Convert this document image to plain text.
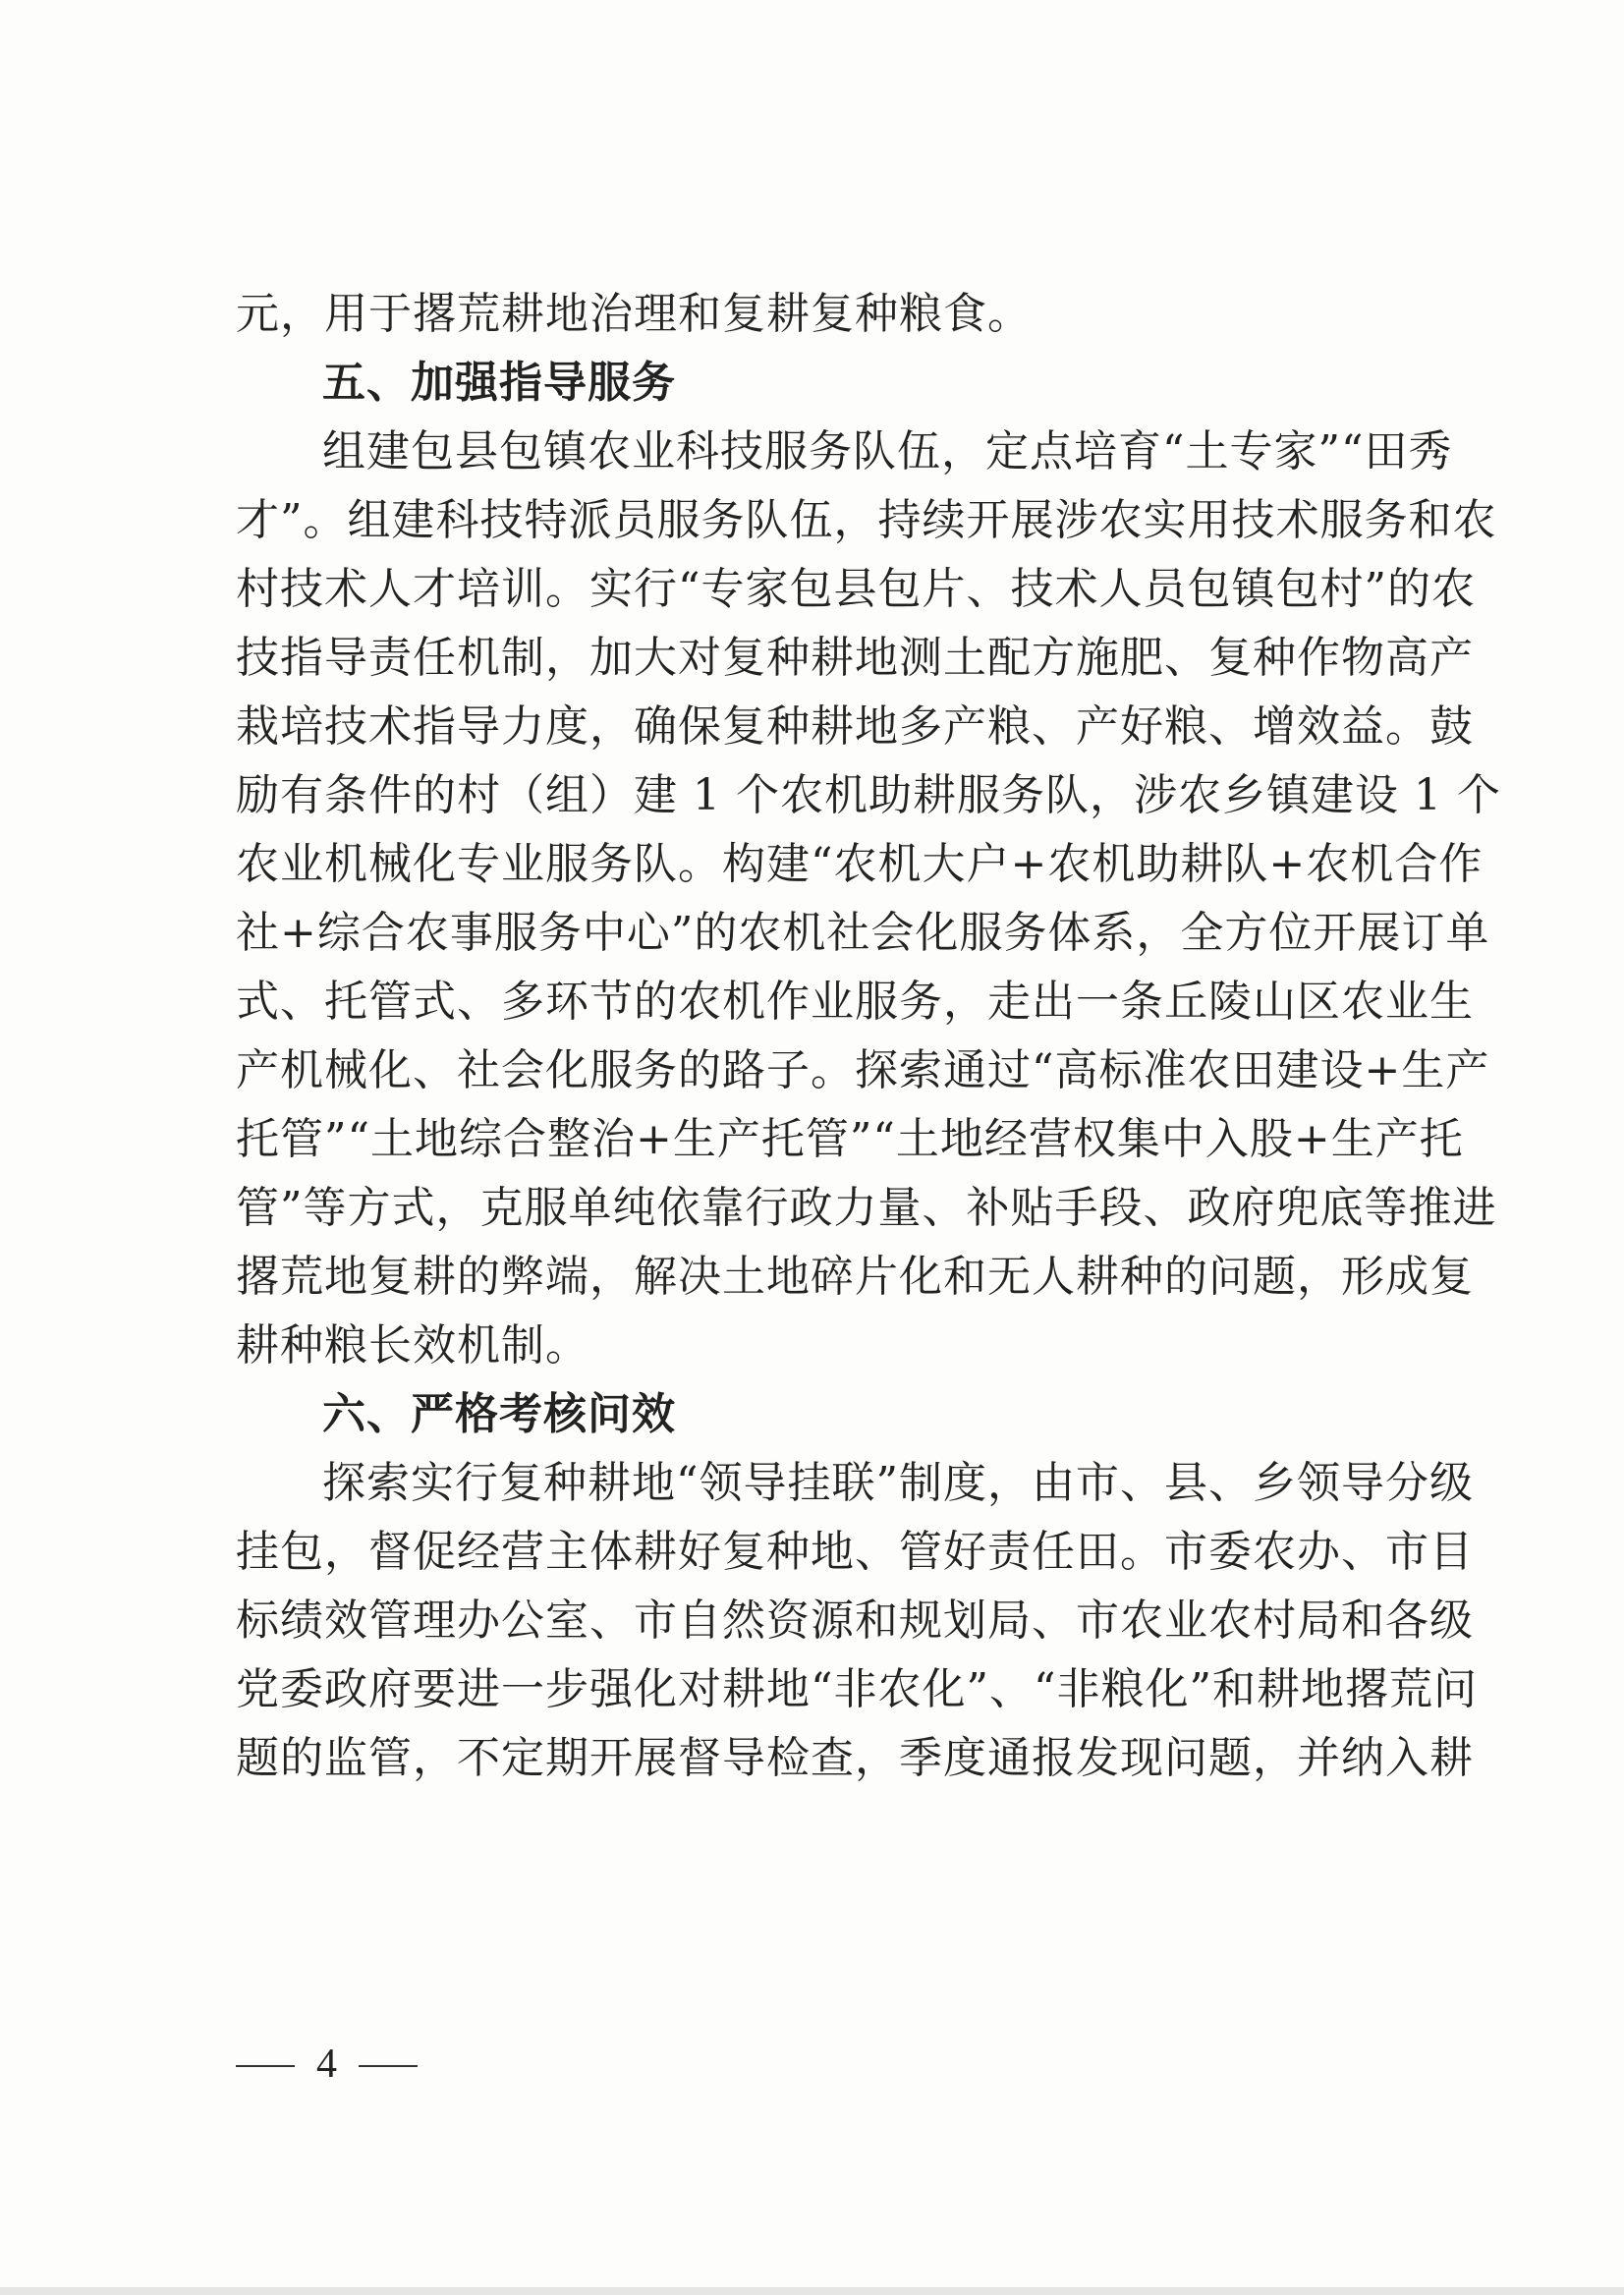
元，用于撂荒耕地治理和复耕复种粮食。
五、加强指导服务
组建包县包镇农业科技服务队伍，定点培育“土专家”“田秀
才”。组建科技特派员服务队伍，持续开展涉农实用技术服务和农
村技术人才培训。实行“专家包县包片、技术人员包镇包村”的农
技指导责任机制，加大对复种耕地测土配方施肥、复种作物高产
栽培技术指导力度，确保复种耕地多产粮、产好粮、增效益。鼓
励有条件的村（组）建 1 个农机助耕服务队，涉农乡镇建设 1 个
农业机械化专业服务队。构建“农机大户+农机助耕队+农机合作
社+综合农事服务中心”的农机社会化服务体系，全方位开展订单
式、托管式、多环节的农机作业服务，走出一条丘陵山区农业生
产机械化、社会化服务的路子。探索通过“高标准农田建设+生产
托管”“土地综合整治+生产托管”“土地经营权集中入股+生产托
管”等方式，克服单纯依靠行政力量、补贴手段、政府兜底等推进
撂荒地复耕的弊端，解决土地碎片化和无人耕种的问题，形成复
耕种粮长效机制。
六、严格考核问效
探索实行复种耕地“领导挂联”制度，由市、县、乡领导分级
挂包，督促经营主体耕好复种地、管好责任田。市委农办、市目
标绩效管理办公室、市自然资源和规划局、市农业农村局和各级
党委政府要进一步强化对耕地“非农化”、“非粮化”和耕地撂荒问
题的监管，不定期开展督导检查，季度通报发现问题，并纳入耕
4
